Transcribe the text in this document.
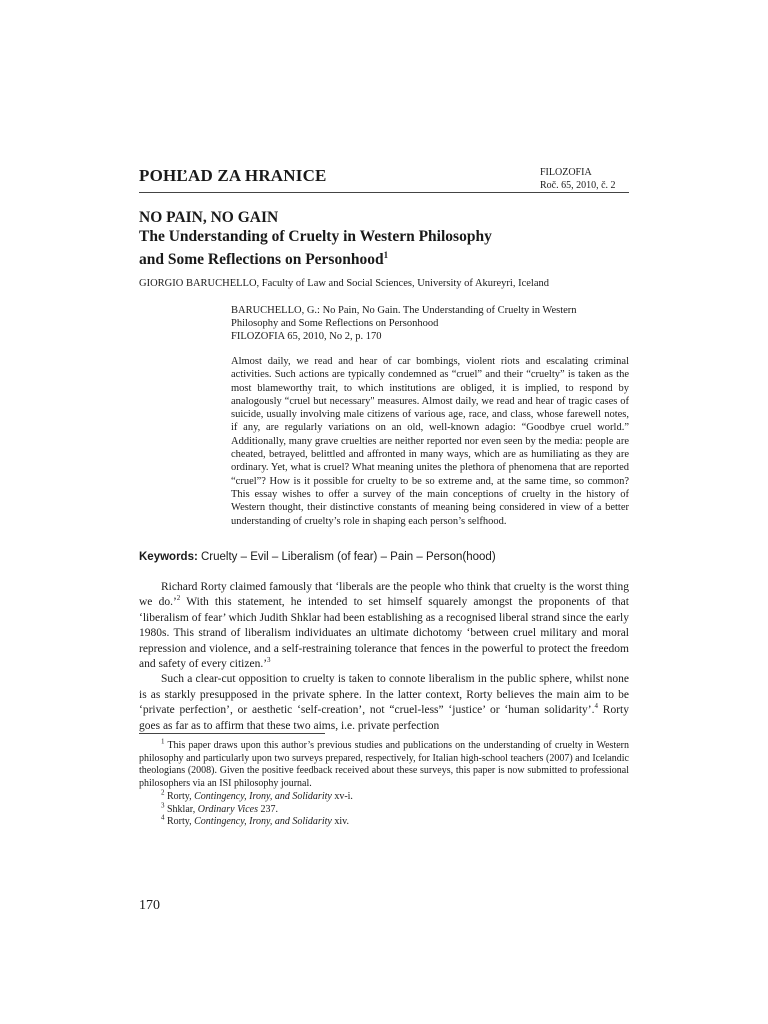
POHĽAD ZA HRANICE	FILOZOFIA
Roč. 65, 2010, č. 2
NO PAIN, NO GAIN
The Understanding of Cruelty in Western Philosophy
and Some Reflections on Personhood$^1$
GIORGIO BARUCHELLO, Faculty of Law and Social Sciences, University of Akureyri, Iceland
BARUCHELLO, G.: No Pain, No Gain. The Understanding of Cruelty in Western
Philosophy and Some Reflections on Personhood
FILOZOFIA 65, 2010, No 2, p. 170
Almost daily, we read and hear of car bombings, violent riots and escalating criminal activities. Such actions are typically condemned as “cruel” and their “cruelty” is taken as the most blameworthy trait, to which institutions are obliged, it is implied, to respond by analogously “cruel but necessary" measures. Almost daily, we read and hear of tragic cases of suicide, usually involving male citizens of various age, race, and class, whose farewell notes, if any, are regularly variations on an old, well-known adagio: “Goodbye cruel world.” Additionally, many grave cruelties are neither reported nor even seen by the media: people are cheated, betrayed, belittled and affronted in many ways, which are as humiliating as they are ordinary. Yet, what is cruel? What meaning unites the plethora of phenomena that are reported “cruel”? How is it possible for cruelty to be so extreme and, at the same time, so common? This essay wishes to offer a survey of the main conceptions of cruelty in the history of Western thought, their distinctive constants of meaning being considered in view of a better understanding of cruelty’s role in shaping each person’s selfhood.
Keywords: Cruelty – Evil – Liberalism (of fear) – Pain – Person(hood)

Richard Rorty claimed famously that ‘liberals are the people who think that cruelty is the worst thing we do.’$^2$ With this statement, he intended to set himself squarely amongst the proponents of that ‘liberalism of fear’ which Judith Shklar had been establishing as a recognised liberal strand since the early 1980s. This strand of liberalism individuates an ultimate dichotomy ‘between cruel military and moral repression and violence, and a self-restraining tolerance that fences in the powerful to protect the freedom and safety of every citizen.’$^3$

Such a clear-cut opposition to cruelty is taken to connote liberalism in the public sphere, whilst none is as starkly presupposed in the private sphere. In the latter context, Rorty believes the main aim to be ‘private perfection’, or aesthetic ‘self-creation’, not “cruel-less” ‘justice’ or ‘human solidarity’.$^4$ Rorty goes as far as to affirm that these two aims, i.e. private perfection

$^1$ This paper draws upon this author’s previous studies and publications on the understanding of cruelty in Western philosophy and particularly upon two surveys prepared, respectively, for Italian high-school teachers (2007) and Icelandic theologians (2008). Given the positive feedback received about these surveys, this paper is now submitted to professional philosophers via an ISI philosophy journal.

$^2$ Rorty, Contingency, Irony, and Solidarity xv-i.

$^3$ Shklar, Ordinary Vices 237.

$^4$ Rorty, Contingency, Irony, and Solidarity xiv.

170
